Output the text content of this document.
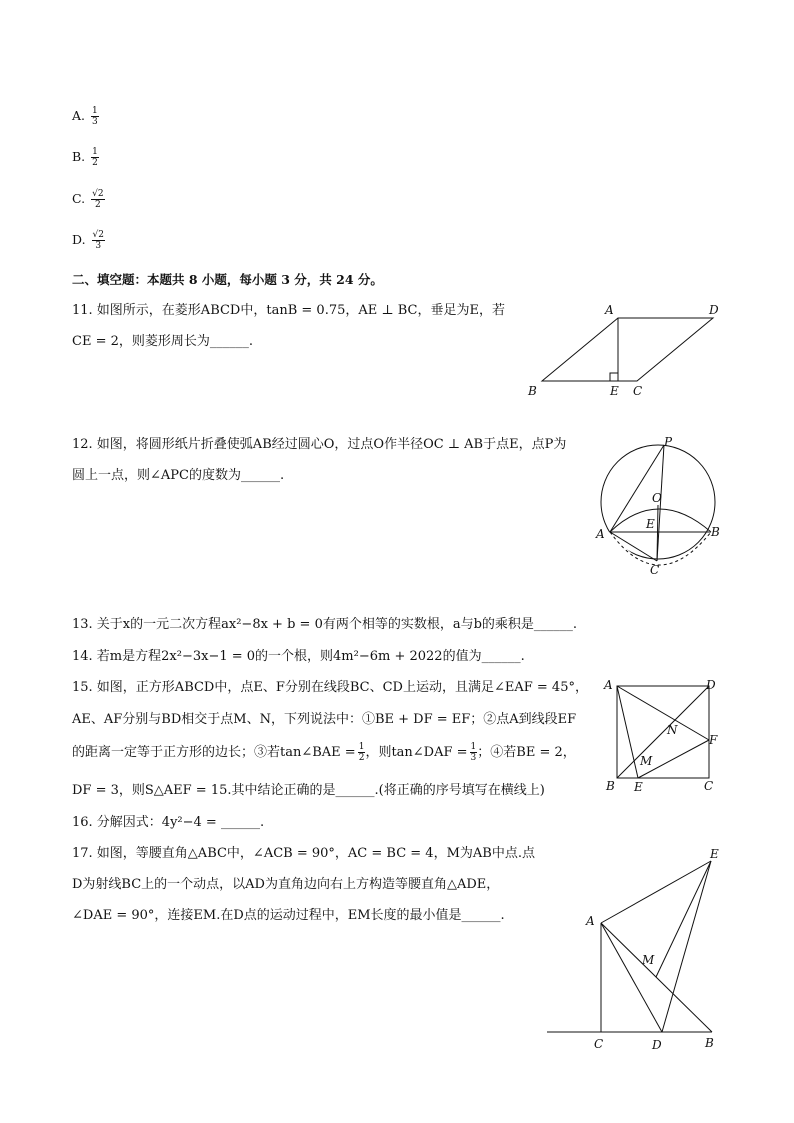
A. $\frac{1}{3}$
B. $\frac{1}{2}$
C. $\frac{√2}{2}$
D. $\frac{√2}{3}$
二、填空题：本题共 8 小题，每小题 3 分，共 24 分。
11. 如图所示，在菱形ABCD中，tanB = 0.75，AE ⊥ BC，垂足为E，若
CE = 2，则菱形周长为______.
A	D
B	E C
12. 如图，将圆形纸片折叠使弧AB经过圆心O，过点O作半径OC ⊥ AB于点E，点P为
圆上一点，则∠APC的度数为______.
P
O
E
A	B
C
13. 关于x的一元二次方程ax²−8x + b = 0有两个相等的实数根，a与b的乘积是______.
14. 若m是方程2x²−3x−1 = 0的一个根，则4m²−6m + 2022的值为______.
15. 如图，正方形ABCD中，点E、F分别在线段BC、CD上运动，且满足∠EAF = 45°，
AE、AF分别与BD相交于点M、N，下列说法中：①BE + DF = EF；②点A到线段EF
的距离一定等于正方形的边长；③若tan∠BAE = $\frac{1}{2}$ ，则tan∠DAF = $\frac{1}{3}$ ；④若BE = 2，
DF = 3，则S△AEF = 15.其中结论正确的是______.(将正确的序号填写在横线上)
A	D
N
F
M
B E	C
16. 分解因式：4y²−4 = ______.
17. 如图，等腰直角△ABC中，∠ACB = 90°，AC = BC = 4，M为AB中点.点
D为射线BC上的一个动点，以AD为直角边向右上方构造等腰直角△ADE，
∠DAE = 90°，连接EM.在D点的运动过程中，EM长度的最小值是______.
E
A
M
C	D	B
